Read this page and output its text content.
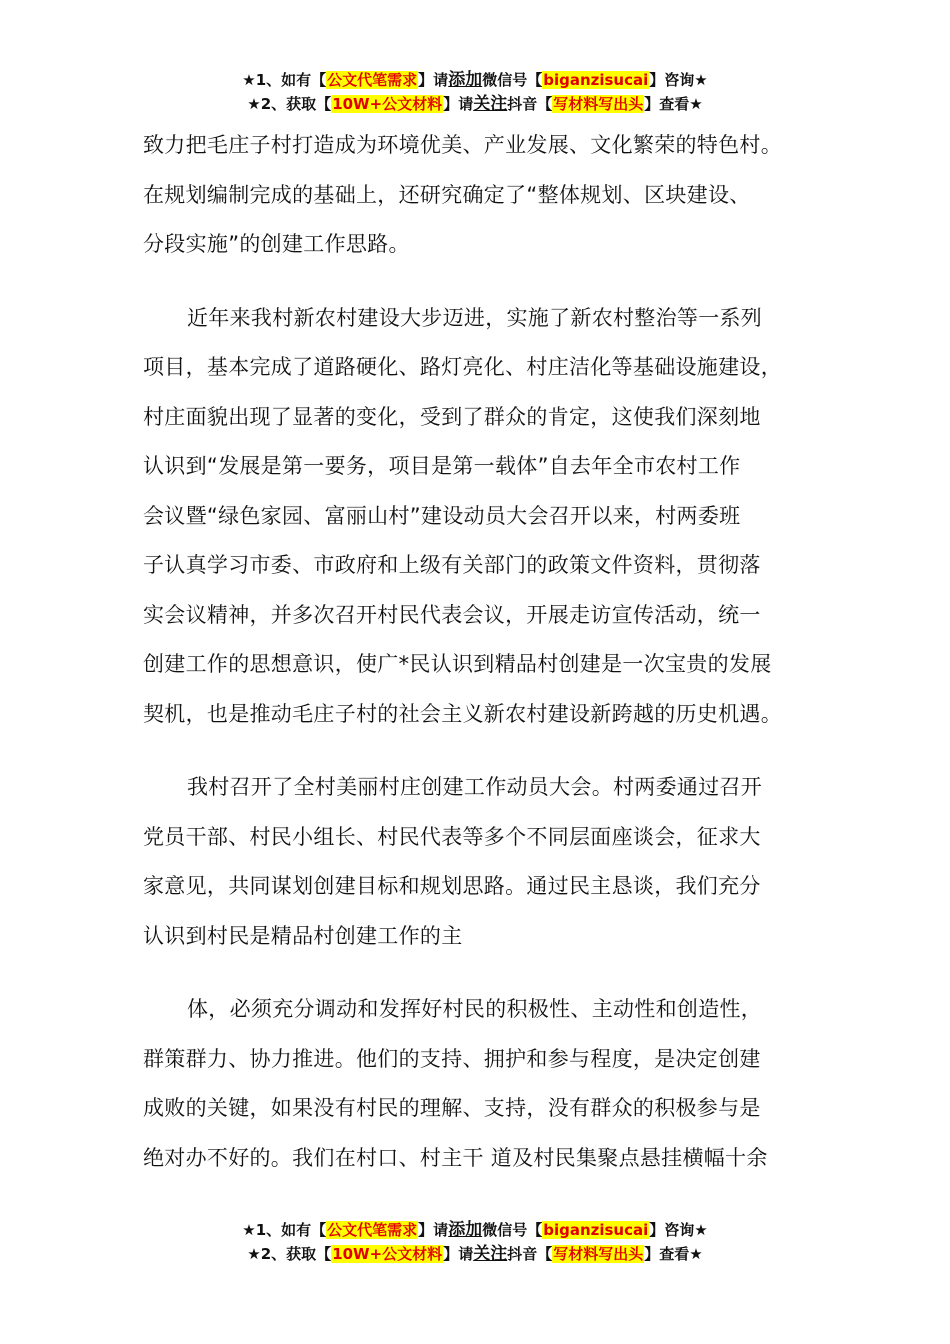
★1、如有【公文代笔需求】请添加微信号【biganzisucai】咨询★
★2、获取【10W+公文材料】请关注抖音【写材料写出头】查看★

致力把毛庄子村打造成为环境优美、产业发展、文化繁荣的特色村。
在规划编制完成的基础上，还研究确定了“整体规划、区块建设、
分段实施”的创建工作思路。

近年来我村新农村建设大步迈进，实施了新农村整治等一系列
项目，基本完成了道路硬化、路灯亮化、村庄洁化等基础设施建设，
村庄面貌出现了显著的变化，受到了群众的肯定，这使我们深刻地
认识到“发展是第一要务，项目是第一载体”自去年全市农村工作
会议暨“绿色家园、富丽山村”建设动员大会召开以来，村两委班
子认真学习市委、市政府和上级有关部门的政策文件资料，贯彻落
实会议精神，并多次召开村民代表会议，开展走访宣传活动，统一
创建工作的思想意识，使广*民认识到精品村创建是一次宝贵的发展
契机，也是推动毛庄子村的社会主义新农村建设新跨越的历史机遇。

我村召开了全村美丽村庄创建工作动员大会。村两委通过召开
党员干部、村民小组长、村民代表等多个不同层面座谈会，征求大
家意见，共同谋划创建目标和规划思路。通过民主恳谈，我们充分
认识到村民是精品村创建工作的主

体，必须充分调动和发挥好村民的积极性、主动性和创造性，
群策群力、协力推进。他们的支持、拥护和参与程度，是决定创建
成败的关键，如果没有村民的理解、支持，没有群众的积极参与是
绝对办不好的。我们在村口、村主干 道及村民集聚点悬挂横幅十余

★1、如有【公文代笔需求】请添加微信号【biganzisucai】咨询★
★2、获取【10W+公文材料】请关注抖音【写材料写出头】查看★
